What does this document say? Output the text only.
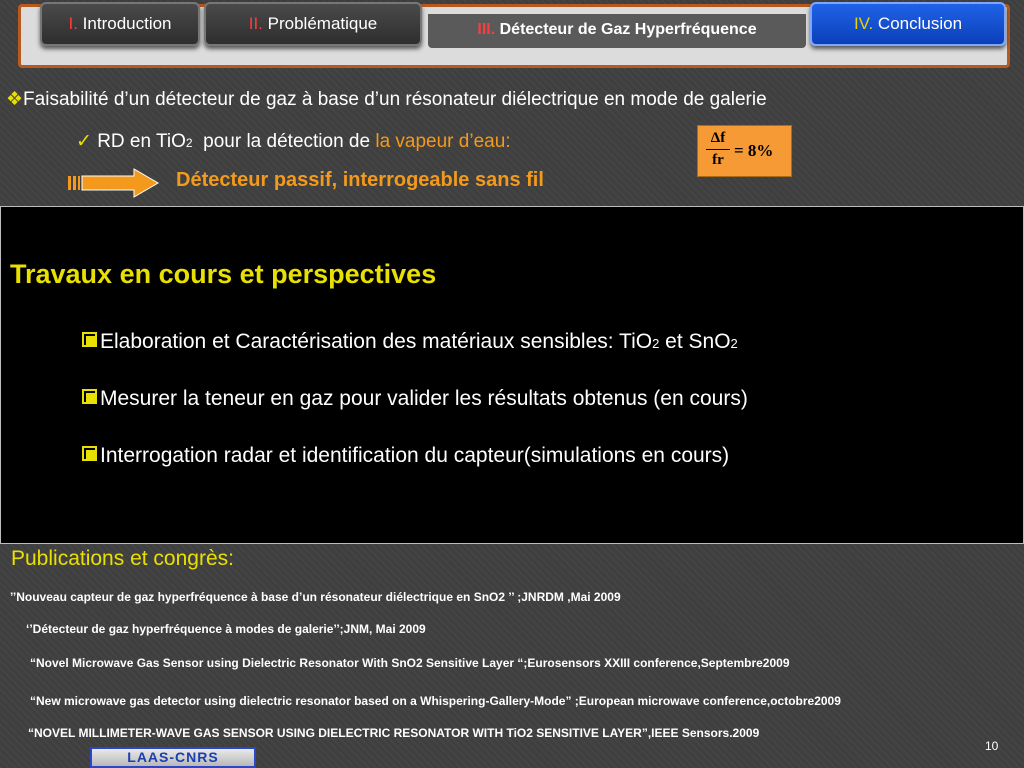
I. Introduction	II. Problématique	III. Détecteur de Gaz Hyperfréquence	IV. Conclusion
❖Faisabilité d’un détecteur de gaz à base d’un résonateur diélectrique en mode de galerie
✓ RD en TiO2  pour la détection de la vapeur d’eau:	Δf
fr = 8%
Détecteur passif, interrogeable sans fil
Travaux en cours et perspectives
Elaboration et Caractérisation des matériaux sensibles: TiO2 et SnO2
Mesurer la teneur en gaz pour valider les résultats obtenus (en cours)
Interrogation radar et identification du capteur(simulations en cours)
Publications et congrès:
’’Nouveau capteur de gaz hyperfréquence à base d’un résonateur diélectrique en SnO2 ’’ ;JNRDM ,Mai 2009
‘’Détecteur de gaz hyperfréquence à modes de galerie’’;JNM, Mai 2009
“Novel Microwave Gas Sensor using Dielectric Resonator With SnO2 Sensitive Layer “;Eurosensors XXIII conference,Septembre2009
“New microwave gas detector using dielectric resonator based on a Whispering-Gallery-Mode” ;European microwave conference,octobre2009
“NOVEL MILLIMETER-WAVE GAS SENSOR USING DIELECTRIC RESONATOR WITH TiO2 SENSITIVE LAYER”,IEEE Sensors.2009
LAAS-CNRS
10
